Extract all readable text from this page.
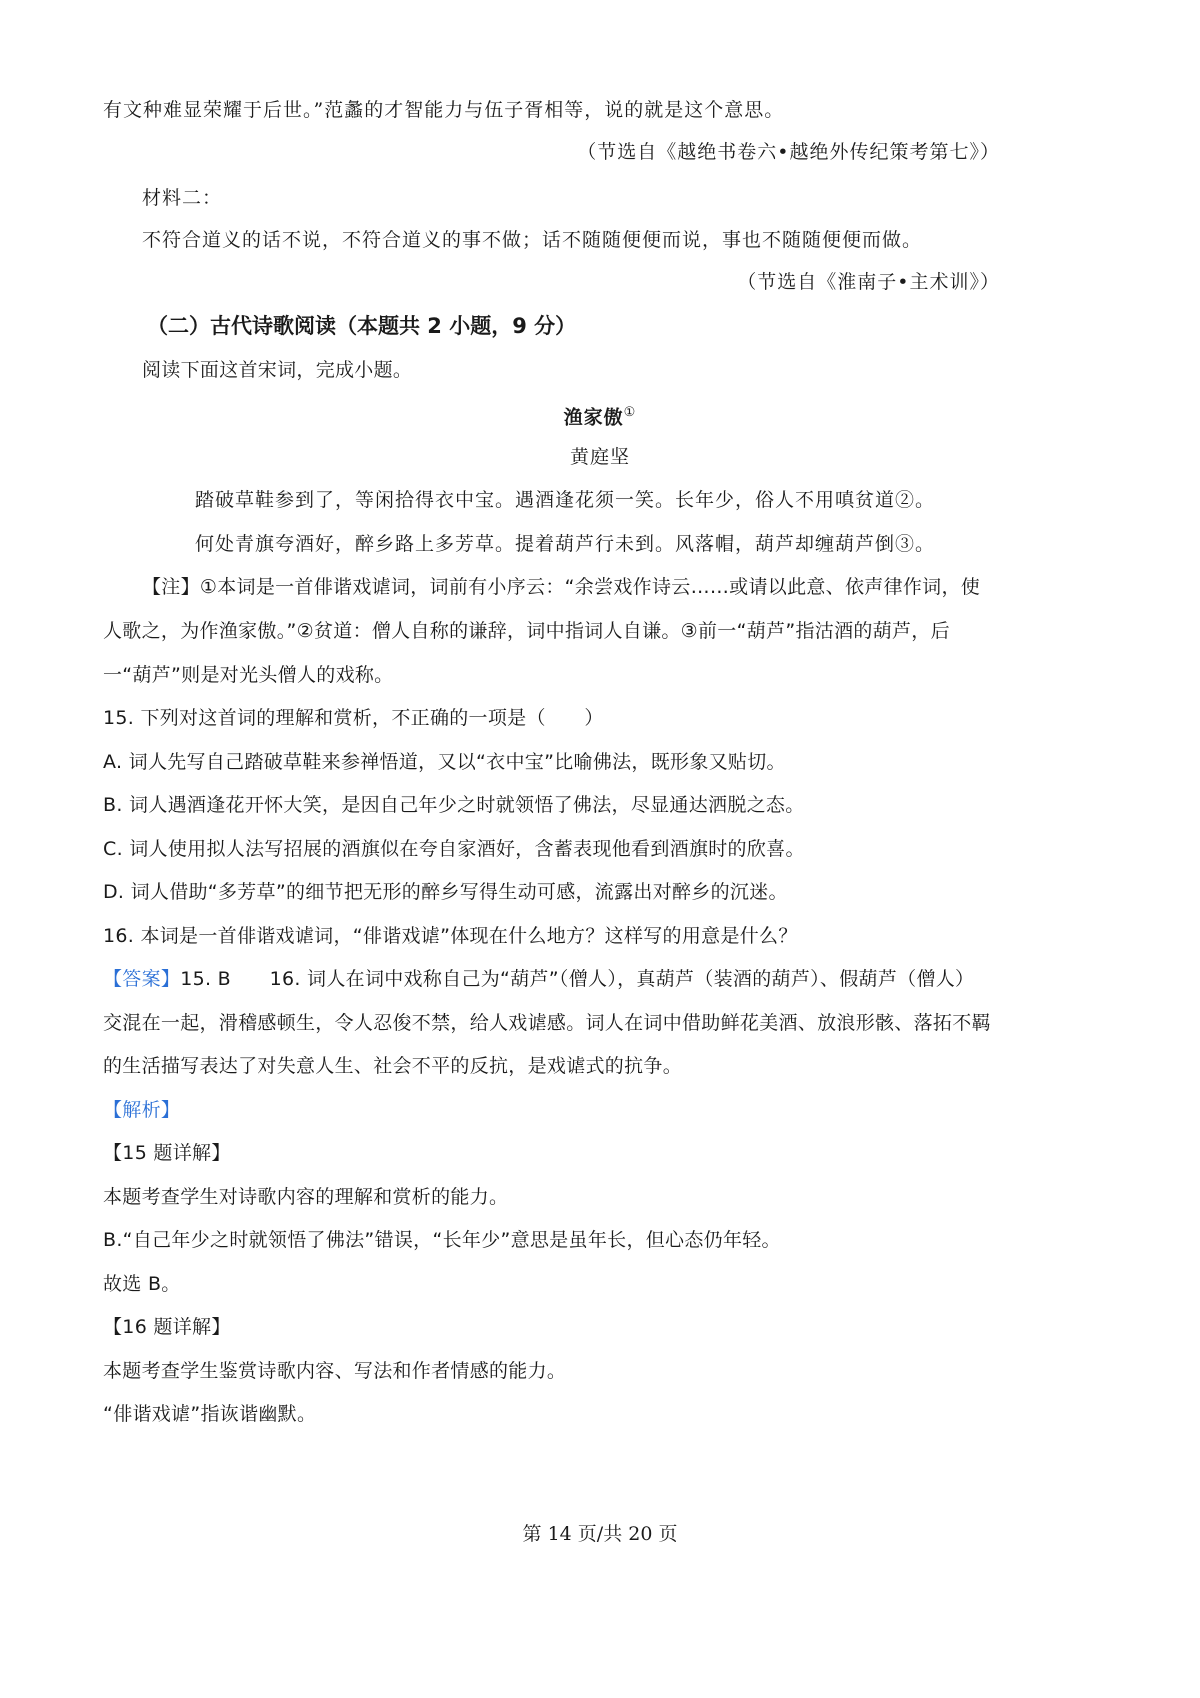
有文种难显荣耀于后世。”范蠡的才智能力与伍子胥相等，说的就是这个意思。
（节选自《越绝书卷六•越绝外传纪策考第七》）
材料二：
不符合道义的话不说，不符合道义的事不做；话不随随便便而说，事也不随随便便而做。
（节选自《淮南子•主术训》）
（二）古代诗歌阅读（本题共 2 小题，9 分）
阅读下面这首宋词，完成小题。
渔家傲①
黄庭坚
踏破草鞋参到了，等闲拾得衣中宝。遇酒逢花须一笑。长年少，俗人不用嗔贫道②。
何处青旗夸酒好，醉乡路上多芳草。提着葫芦行未到。风落帽，葫芦却缠葫芦倒③。
【注】①本词是一首俳谐戏谑词，词前有小序云：“余尝戏作诗云……或请以此意、依声律作词，使
人歌之，为作渔家傲。”②贫道：僧人自称的谦辞，词中指词人自谦。③前一“葫芦”指沽酒的葫芦，后
一“葫芦”则是对光头僧人的戏称。
15. 下列对这首词的理解和赏析，不正确的一项是（　　）
A. 词人先写自己踏破草鞋来参禅悟道，又以“衣中宝”比喻佛法，既形象又贴切。
B. 词人遇酒逢花开怀大笑，是因自己年少之时就领悟了佛法，尽显通达洒脱之态。
C. 词人使用拟人法写招展的酒旗似在夸自家酒好，含蓄表现他看到酒旗时的欣喜。
D. 词人借助“多芳草”的细节把无形的醉乡写得生动可感，流露出对醉乡的沉迷。
16. 本词是一首俳谐戏谑词，“俳谐戏谑”体现在什么地方？这样写的用意是什么？
【答案】15. B　　16. 词人在词中戏称自己为“葫芦”（僧人），真葫芦（装酒的葫芦）、假葫芦（僧人）
交混在一起，滑稽感顿生，令人忍俊不禁，给人戏谑感。词人在词中借助鲜花美酒、放浪形骸、落拓不羁
的生活描写表达了对失意人生、社会不平的反抗，是戏谑式的抗争。
【解析】
【15 题详解】
本题考查学生对诗歌内容的理解和赏析的能力。
B.“自己年少之时就领悟了佛法”错误，“长年少”意思是虽年长，但心态仍年轻。
故选 B。
【16 题详解】
本题考查学生鉴赏诗歌内容、写法和作者情感的能力。
“俳谐戏谑”指诙谐幽默。
第 14 页/共 20 页
